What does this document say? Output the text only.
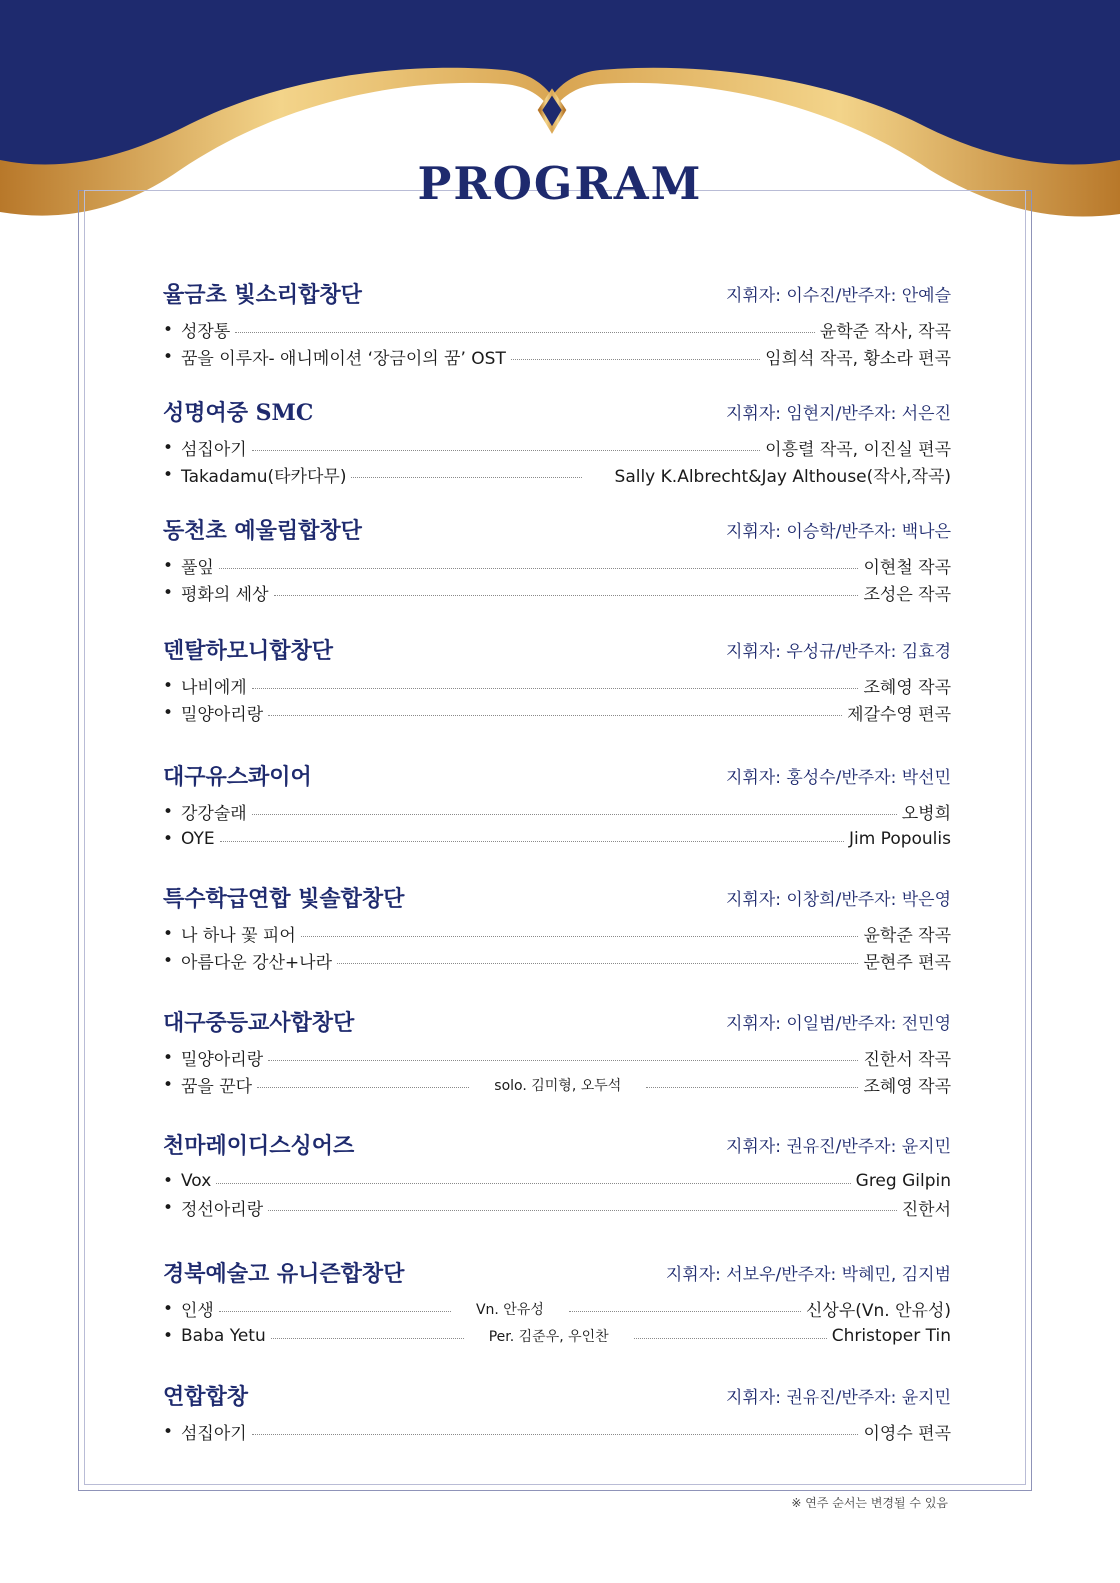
PROGRAM
율금초 빛소리합창단	지휘자: 이수진/반주자: 안예슬
• 성장통	윤학준 작사, 작곡
• 꿈을 이루자- 애니메이션 ‘장금이의 꿈’ OST	임희석 작곡, 황소라 편곡
성명여중 SMC	지휘자: 임현지/반주자: 서은진
• 섬집아기	이흥렬 작곡, 이진실 편곡
• Takadamu(타카다무)	Sally K.Albrecht&Jay Althouse(작사,작곡)
동천초 예울림합창단	지휘자: 이승학/반주자: 백나은
• 풀잎	이현철 작곡
• 평화의 세상	조성은 작곡
덴탈하모니합창단	지휘자: 우성규/반주자: 김효경
• 나비에게	조혜영 작곡
• 밀양아리랑	제갈수영 편곡
대구유스콰이어	지휘자: 홍성수/반주자: 박선민
• 강강술래	오병희
• OYE	Jim Popoulis
특수학급연합 빛솔합창단	지휘자: 이창희/반주자: 박은영
• 나 하나 꽃 피어	윤학준 작곡
• 아름다운 강산+나라	문현주 편곡
대구중등교사합창단	지휘자: 이일범/반주자: 전민영
• 밀양아리랑	진한서 작곡
• 꿈을 꾼다	solo. 김미형, 오두석	조혜영 작곡
천마레이디스싱어즈	지휘자: 권유진/반주자: 윤지민
• Vox	Greg Gilpin
• 정선아리랑	진한서
경북예술고 유니즌합창단	지휘자: 서보우/반주자: 박혜민, 김지범
• 인생	Vn. 안유성	신상우(Vn. 안유성)
• Baba Yetu	Per. 김준우, 우인찬	Christoper Tin
연합합창	지휘자: 권유진/반주자: 윤지민
• 섬집아기	이영수 편곡
※ 연주 순서는 변경될 수 있음
